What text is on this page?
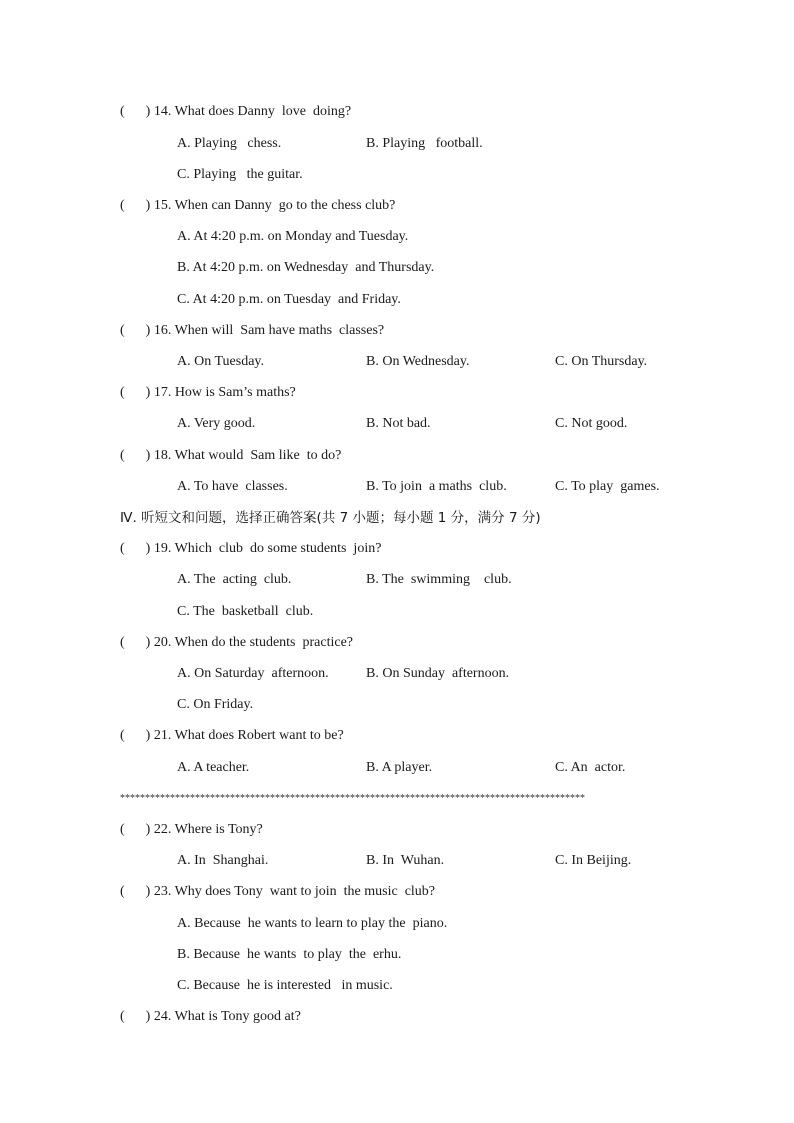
(      ) 14. What does Danny  love  doing?
A. Playing   chess.	B. Playing   football.
C. Playing   the guitar.
(      ) 15. When can Danny  go to the chess club?
A. At 4:20 p.m. on Monday and Tuesday.
B. At 4:20 p.m. on Wednesday  and Thursday.
C. At 4:20 p.m. on Tuesday  and Friday.
(      ) 16. When will  Sam have maths  classes?
A. On Tuesday.	B. On Wednesday.	C. On Thursday.
(      ) 17. How is Sam’s maths?
A. Very good.	B. Not bad.	C. Not good.
(      ) 18. What would  Sam like  to do?
A. To have  classes.	B. To join  a maths  club.	C. To play  games.
Ⅳ. 听短文和问题，选择正确答案(共 7 小题；每小题 1 分，满分 7 分)
(      ) 19. Which  club  do some students  join?
A. The  acting  club.	B. The  swimming    club.
C. The  basketball  club.
(      ) 20. When do the students  practice?
A. On Saturday  afternoon.	B. On Sunday  afternoon.
C. On Friday.
(      ) 21. What does Robert want to be?
A. A teacher.	B. A player.	C. An  actor.
*********************************************************************************************
(      ) 22. Where is Tony?
A. In  Shanghai.	B. In  Wuhan.	C. In Beijing.
(      ) 23. Why does Tony  want to join  the music  club?
A. Because  he wants to learn to play the  piano.
B. Because  he wants  to play  the  erhu.
C. Because  he is interested   in music.
(      ) 24. What is Tony good at?
